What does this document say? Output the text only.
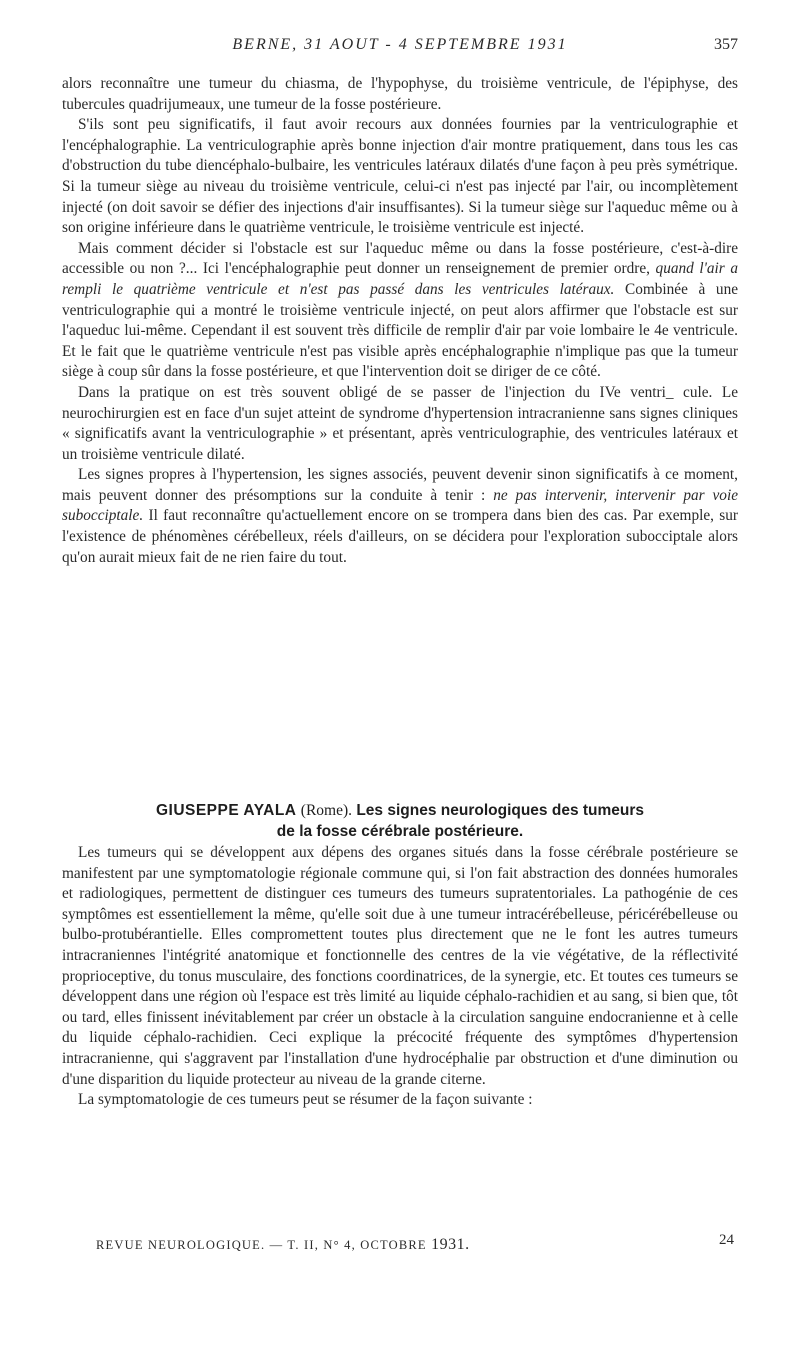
BERNE, 31 AOUT - 4 SEPTEMBRE 1931	357

alors reconnaître une tumeur du chiasma, de l'hypophyse, du troisième ventricule, de l'épiphyse, des tubercules quadrijumeaux, une tumeur de la fosse postérieure.

S'ils sont peu significatifs, il faut avoir recours aux données fournies par la ventriculographie et l'encéphalographie. La ventriculographie après bonne injection d'air montre pratiquement, dans tous les cas d'obstruction du tube diencéphalo-bulbaire, les ventricules latéraux dilatés d'une façon à peu près symétrique. Si la tumeur siège au niveau du troisième ventricule, celui-ci n'est pas injecté par l'air, ou incomplètement injecté (on doit savoir se défier des injections d'air insuffisantes). Si la tumeur siège sur l'aqueduc même ou à son origine inférieure dans le quatrième ventricule, le troisième ventricule est injecté.

Mais comment décider si l'obstacle est sur l'aqueduc même ou dans la fosse postérieure, c'est-à-dire accessible ou non ?... Ici l'encéphalographie peut donner un renseignement de premier ordre, quand l'air a rempli le quatrième ventricule et n'est pas passé dans les ventricules latéraux. Combinée à une ventriculographie qui a montré le troisième ventricule injecté, on peut alors affirmer que l'obstacle est sur l'aqueduc lui-même. Cependant il est souvent très difficile de remplir d'air par voie lombaire le 4e ventricule. Et le fait que le quatrième ventricule n'est pas visible après encéphalographie n'implique pas que la tumeur siège à coup sûr dans la fosse postérieure, et que l'intervention doit se diriger de ce côté.

Dans la pratique on est très souvent obligé de se passer de l'injection du IVe ventri_ cule. Le neurochirurgien est en face d'un sujet atteint de syndrome d'hypertension intracranienne sans signes cliniques « significatifs avant la ventriculographie » et présentant, après ventriculographie, des ventricules latéraux et un troisième ventricule dilaté.

Les signes propres à l'hypertension, les signes associés, peuvent devenir sinon significatifs à ce moment, mais peuvent donner des présomptions sur la conduite à tenir : ne pas intervenir, intervenir par voie subocciptale. Il faut reconnaître qu'actuellement encore on se trompera dans bien des cas. Par exemple, sur l'existence de phénomènes cérébelleux, réels d'ailleurs, on se décidera pour l'exploration subocciptale alors qu'on aurait mieux fait de ne rien faire du tout.

GIUSEPPE AYALA (Rome). Les signes neurologiques des tumeurs
de la fosse cérébrale postérieure.

Les tumeurs qui se développent aux dépens des organes situés dans la fosse cérébrale postérieure se manifestent par une symptomatologie régionale commune qui, si l'on fait abstraction des données humorales et radiologiques, permettent de distinguer ces tumeurs des tumeurs supratentoriales. La pathogénie de ces symptômes est essentiellement la même, qu'elle soit due à une tumeur intracérébelleuse, péricérébelleuse ou bulbo-protubérantielle. Elles compromettent toutes plus directement que ne le font les autres tumeurs intracraniennes l'intégrité anatomique et fonctionnelle des centres de la vie végétative, de la réflectivité proprioceptive, du tonus musculaire, des fonctions coordinatrices, de la synergie, etc. Et toutes ces tumeurs se développent dans une région où l'espace est très limité au liquide céphalo-rachidien et au sang, si bien que, tôt ou tard, elles finissent inévitablement par créer un obstacle à la circulation sanguine endocranienne et à celle du liquide céphalo-rachidien. Ceci explique la précocité fréquente des symptômes d'hypertension intracranienne, qui s'aggravent par l'installation d'une hydrocéphalie par obstruction et d'une diminution ou d'une disparition du liquide protecteur au niveau de la grande citerne.

La symptomatologie de ces tumeurs peut se résumer de la façon suivante :

REVUE NEUROLOGIQUE. — T. II, N° 4, OCTOBRE 1931.	24
